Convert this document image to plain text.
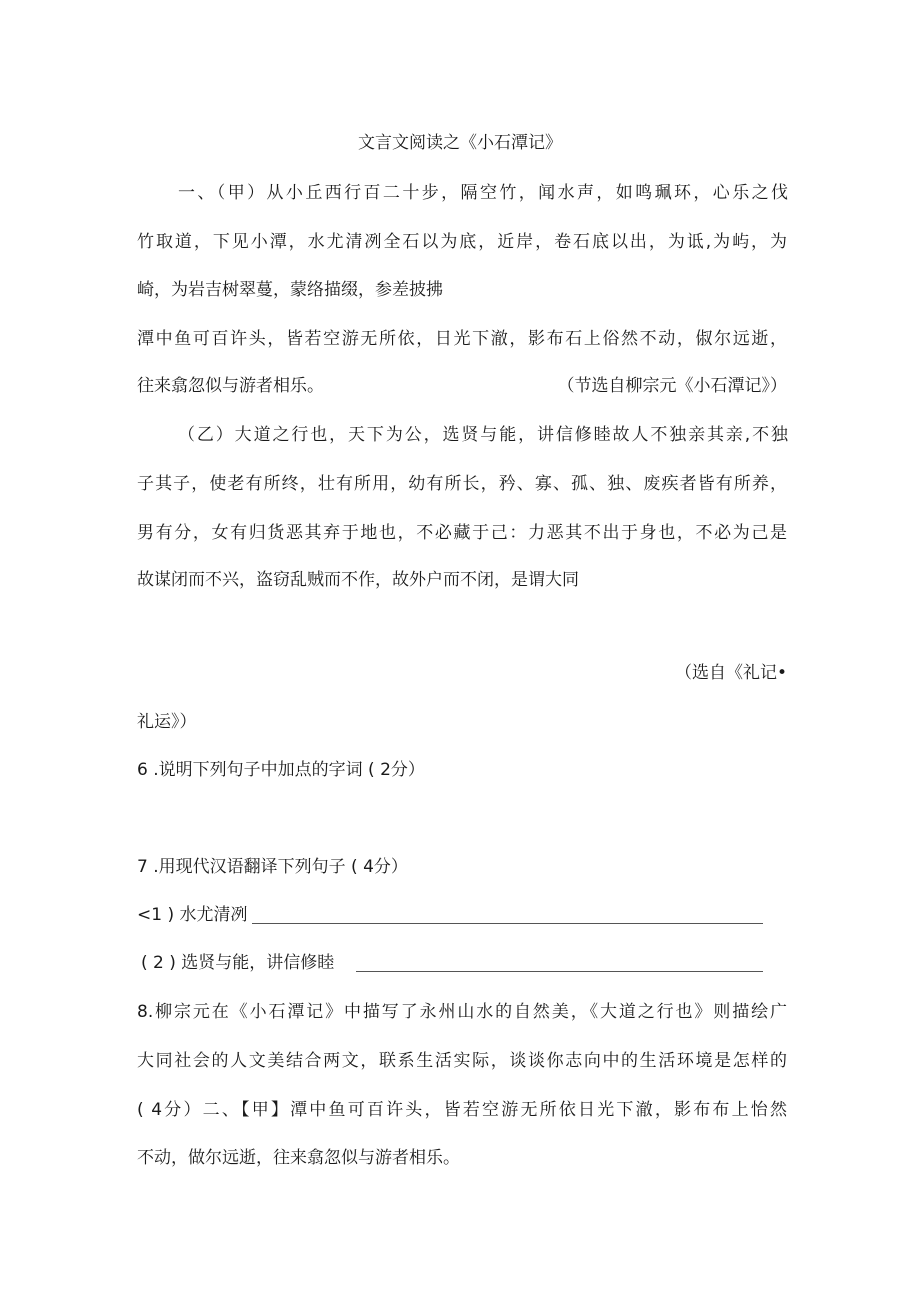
文言文阅读之《小石潭记》
一、（甲）从小丘西行百二十步，隔空竹，闻水声，如鸣珮环，心乐之伐
竹取道，下见小潭，水尤清冽全石以为底，近岸，卷石底以出，为诋,为屿，为
崎，为岩吉树翠蔓，蒙络描缀，参差披拂
潭中鱼可百许头，皆若空游无所依，日光下澈，影布石上俗然不动，俶尔远逝，
往来翕忽似与游者相乐。	（节选自柳宗元《小石潭记》）
（乙）大道之行也，天下为公，选贤与能，讲信修睦故人不独亲其亲,不独
子其子，使老有所终，壮有所用，幼有所长，矜、寡、孤、独、废疾者皆有所养，
男有分，女有归货恶其弃于地也，不必藏于己：力恶其不出于身也，不必为己是
故谋闭而不兴，盗窃乱贼而不作，故外户而不闭，是谓大同
（选自《礼记•
礼运》）
6 .说明下列句子中加点的字词 ( 2分）
7 .用现代汉语翻译下列句子 ( 4分）
<1 ) 水尤清冽
( 2 ) 选贤与能，讲信修睦
8.柳宗元在《小石潭记》中描写了永州山水的自然美，《大道之行也》则描绘广
大同社会的人文美结合两文，联系生活实际，谈谈你志向中的生活环境是怎样的
( 4分）二、【甲】潭中鱼可百许头，皆若空游无所依日光下澈，影布布上怡然
不动，做尔远逝，往来翕忽似与游者相乐。
